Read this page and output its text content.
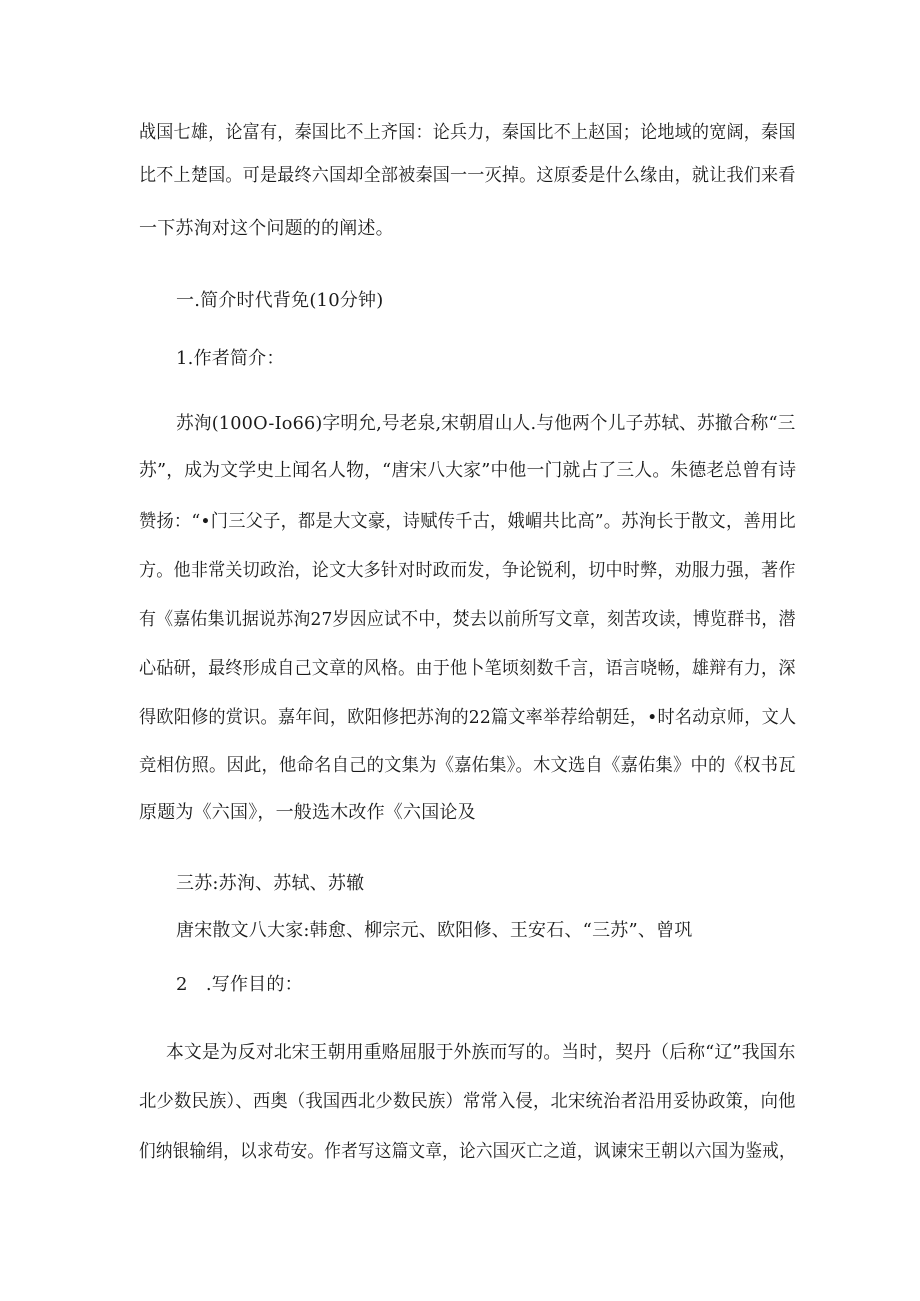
战国七雄，论富有，秦国比不上齐国：论兵力，秦国比不上赵国；论地域的宽阔，秦国
比不上楚国。可是最终六国却全部被秦国一一灭掉。这原委是什么缘由，就让我们来看
一下苏洵对这个问题的的阐述。
一.简介时代背免(10分钟)
1.作者简介：
苏洵(100O-Io66)字明允,号老泉,宋朝眉山人.与他两个儿子苏轼、苏撤合称“三
苏”，成为文学史上闻名人物，“唐宋八大家”中他一门就占了三人。朱德老总曾有诗
赞扬：“•门三父子，都是大文豪，诗赋传千古，娥嵋共比高”。苏洵长于散文，善用比
方。他非常关切政治，论文大多针对时政而发，争论锐利，切中时弊，劝服力强，著作
有《嘉佑集讥据说苏洵27岁因应试不中，焚去以前所写文章，刻苦攻读，博览群书，潜
心砧研，最终形成自己文章的风格。由于他卜笔顷刻数千言，语言哓畅，雄辩有力，深
得欧阳修的赏识。嘉年间，欧阳修把苏洵的22篇文率举荐给朝廷，•时名动京师，文人
竞相仿照。因此，他命名自己的文集为《嘉佑集》。木文选自《嘉佑集》中的《权书瓦
原题为《六国》，一般选木改作《六国论及
三苏:苏洵、苏轼、苏辙
唐宋散文八大家:韩愈、柳宗元、欧阳修、王安石、“三苏”、曾巩
2　.写作目的：
本文是为反对北宋王朝用重赂屈服于外族而写的。当时，契丹（后称“辽”我国东
北少数民族）、西奥（我国西北少数民族）常常入侵，北宋统治者沿用妥协政策，向他
们纳银输绢，以求苟安。作者写这篇文章，论六国灭亡之道，讽谏宋王朝以六国为鉴戒，
